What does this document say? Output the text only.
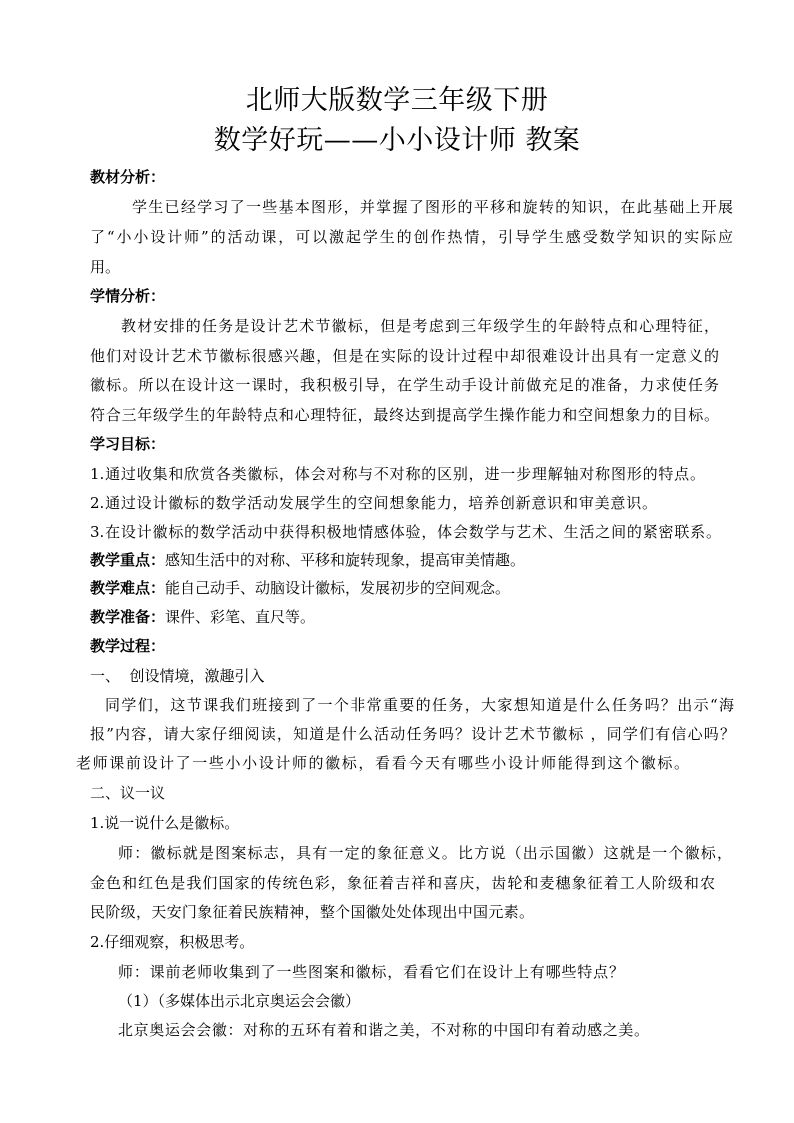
北师大版数学三年级下册
数学好玩——小小设计师 教案
教材分析：
学生已经学习了一些基本图形，并掌握了图形的平移和旋转的知识，在此基础上开展
了“小小设计师”的活动课，可以激起学生的创作热情，引导学生感受数学知识的实际应
用。
学情分析：
教材安排的任务是设计艺术节徽标，但是考虑到三年级学生的年龄特点和心理特征，
他们对设计艺术节徽标很感兴趣，但是在实际的设计过程中却很难设计出具有一定意义的
徽标。所以在设计这一课时，我积极引导，在学生动手设计前做充足的准备，力求使任务
符合三年级学生的年龄特点和心理特征，最终达到提高学生操作能力和空间想象力的目标。
学习目标：
1.通过收集和欣赏各类徽标，体会对称与不对称的区别，进一步理解轴对称图形的特点。
2.通过设计徽标的数学活动发展学生的空间想象能力，培养创新意识和审美意识。
3.在设计徽标的数学活动中获得积极地情感体验，体会数学与艺术、生活之间的紧密联系。
教学重点：感知生活中的对称、平移和旋转现象，提高审美情趣。
教学难点：能自己动手、动脑设计徽标，发展初步的空间观念。
教学准备：课件、彩笔、直尺等。
教学过程：
一、  创设情境，激趣引入
同学们，这节课我们班接到了一个非常重要的任务，大家想知道是什么任务吗？出示“海
报”内容，请大家仔细阅读，知道是什么活动任务吗？设计艺术节徽标 ，同学们有信心吗？
老师课前设计了一些小小设计师的徽标，看看今天有哪些小设计师能得到这个徽标。
二、议一议
1.说一说什么是徽标。
师：徽标就是图案标志，具有一定的象征意义。比方说（出示国徽）这就是一个徽标，
金色和红色是我们国家的传统色彩，象征着吉祥和喜庆，齿轮和麦穗象征着工人阶级和农
民阶级，天安门象征着民族精神，整个国徽处处体现出中国元素。
2.仔细观察，积极思考。
师：课前老师收集到了一些图案和徽标，看看它们在设计上有哪些特点？
（1）（多媒体出示北京奥运会会徽）
北京奥运会会徽：对称的五环有着和谐之美，不对称的中国印有着动感之美。
